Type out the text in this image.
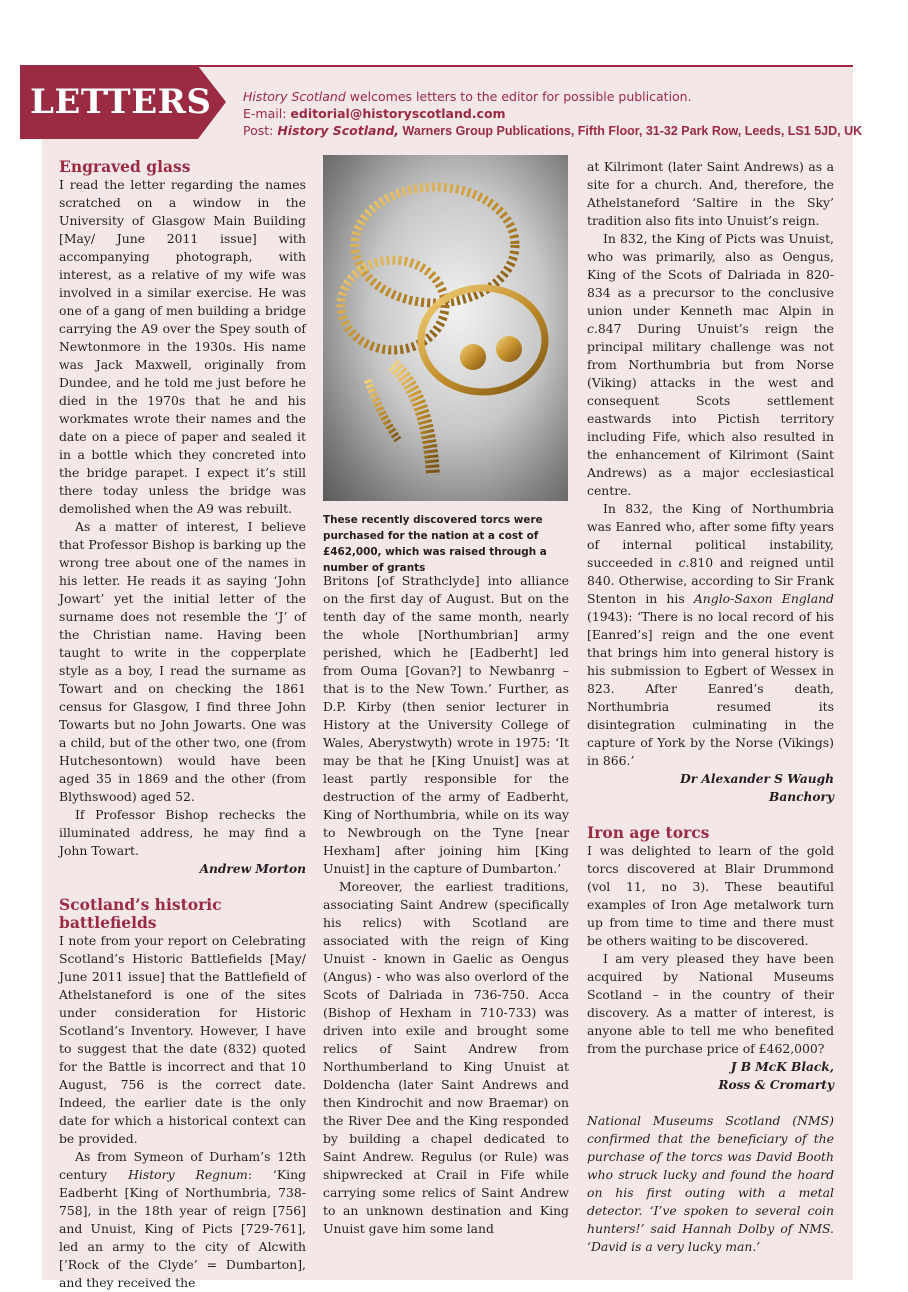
LETTERS	History Scotland welcomes letters to the editor for possible publication.
E-mail: editorial@historyscotland.com
Post: History Scotland, Warners Group Publications, Fifth Floor, 31-32 Park Row, Leeds, LS1 5JD, UK
Engraved glass

I read the letter regarding the names scratched on a window in the University of Glasgow Main Building [May/ June 2011 issue] with accompanying photograph, with interest, as a relative of my wife was involved in a similar exercise. He was one of a gang of men building a bridge carrying the A9 over the Spey south of Newtonmore in the 1930s. His name was Jack Maxwell, originally from Dundee, and he told me just before he died in the 1970s that he and his workmates wrote their names and the date on a piece of paper and sealed it in a bottle which they concreted into the bridge parapet. I expect it’s still there today unless the bridge was demolished when the A9 was rebuilt.

As a matter of interest, I believe that Professor Bishop is barking up the wrong tree about one of the names in his letter. He reads it as saying ‘John Jowart’ yet the initial letter of the surname does not resemble the ‘J’ of the Christian name. Having been taught to write in the copperplate style as a boy, I read the surname as Towart and on checking the 1861 census for Glasgow, I find three John Towarts but no John Jowarts. One was a child, but of the other two, one (from Hutchesontown) would have been aged 35 in 1869 and the other (from Blythswood) aged 52.

If Professor Bishop rechecks the illuminated address, he may find a John Towart.

Andrew Morton
Scotland’s historic battlefields

I note from your report on Celebrating Scotland’s Historic Battlefields [May/ June 2011 issue] that the Battlefield of Athelstaneford is one of the sites under consideration for Historic Scotland’s Inventory. However, I have to suggest that the date (832) quoted for the Battle is incorrect and that 10 August, 756 is the correct date. Indeed, the earlier date is the only date for which a historical context can be provided.

As from Symeon of Durham’s 12th century History Regnum: ‘King Eadberht [King of Northumbria, 738-758], in the 18th year of reign [756] and Unuist, King of Picts [729-761], led an army to the city of Alcwith [’Rock of the Clyde’ = Dumbarton], and they received the

These recently discovered torcs were purchased for the nation at a cost of £462,000, which was raised through a number of grants

Britons [of Strathclyde] into alliance on the first day of August. But on the tenth day of the same month, nearly the whole [Northumbrian] army perished, which he [Eadberht] led from Ouma [Govan?] to Newbanrg – that is to the New Town.’ Further, as D.P. Kirby (then senior lecturer in History at the University College of Wales, Aberystwyth) wrote in 1975: ‘It may be that he [King Unuist] was at least partly responsible for the destruction of the army of Eadberht, King of Northumbria, while on its way to Newbrough on the Tyne [near Hexham] after joining him [King Unuist] in the capture of Dumbarton.’

Moreover, the earliest traditions, associating Saint Andrew (specifically his relics) with Scotland are associated with the reign of King Unuist - known in Gaelic as Oengus (Angus) - who was also overlord of the Scots of Dalriada in 736-750. Acca (Bishop of Hexham in 710-733) was driven into exile and brought some relics of Saint Andrew from Northumberland to King Unuist at Doldencha (later Saint Andrews and then Kindrochit and now Braemar) on the River Dee and the King responded by building a chapel dedicated to Saint Andrew. Regulus (or Rule) was shipwrecked at Crail in Fife while carrying some relics of Saint Andrew to an unknown destination and King Unuist gave him some land

at Kilrimont (later Saint Andrews) as a site for a church. And, therefore, the Athelstaneford ‘Saltire in the Sky’ tradition also fits into Unuist’s reign.

In 832, the King of Picts was Unuist, who was primarily, also as Oengus, King of the Scots of Dalriada in 820-834 as a precursor to the conclusive union under Kenneth mac Alpin in c.847 During Unuist’s reign the principal military challenge was not from Northumbria but from Norse (Viking) attacks in the west and consequent Scots settlement eastwards into Pictish territory including Fife, which also resulted in the enhancement of Kilrimont (Saint Andrews) as a major ecclesiastical centre.

In 832, the King of Northumbria was Eanred who, after some fifty years of internal political instability, succeeded in c.810 and reigned until 840. Otherwise, according to Sir Frank Stenton in his Anglo-Saxon England (1943): ‘There is no local record of his [Eanred’s] reign and the one event that brings him into general history is his submission to Egbert of Wessex in 823. After Eanred’s death, Northumbria resumed its disintegration culminating in the capture of York by the Norse (Vikings) in 866.’

Dr Alexander S Waugh
Banchory
Iron age torcs

I was delighted to learn of the gold torcs discovered at Blair Drummond (vol 11, no 3). These beautiful examples of Iron Age metalwork turn up from time to time and there must be others waiting to be discovered.

I am very pleased they have been acquired by National Museums Scotland – in the country of their discovery. As a matter of interest, is anyone able to tell me who benefited from the purchase price of £462,000?

J B McK Black,
Ross & Cromarty

National Museums Scotland (NMS) confirmed that the beneficiary of the purchase of the torcs was David Booth who struck lucky and found the hoard on his first outing with a metal detector. ‘I’ve spoken to several coin hunters!’ said Hannah Dolby of NMS. ‘David is a very lucky man.’
